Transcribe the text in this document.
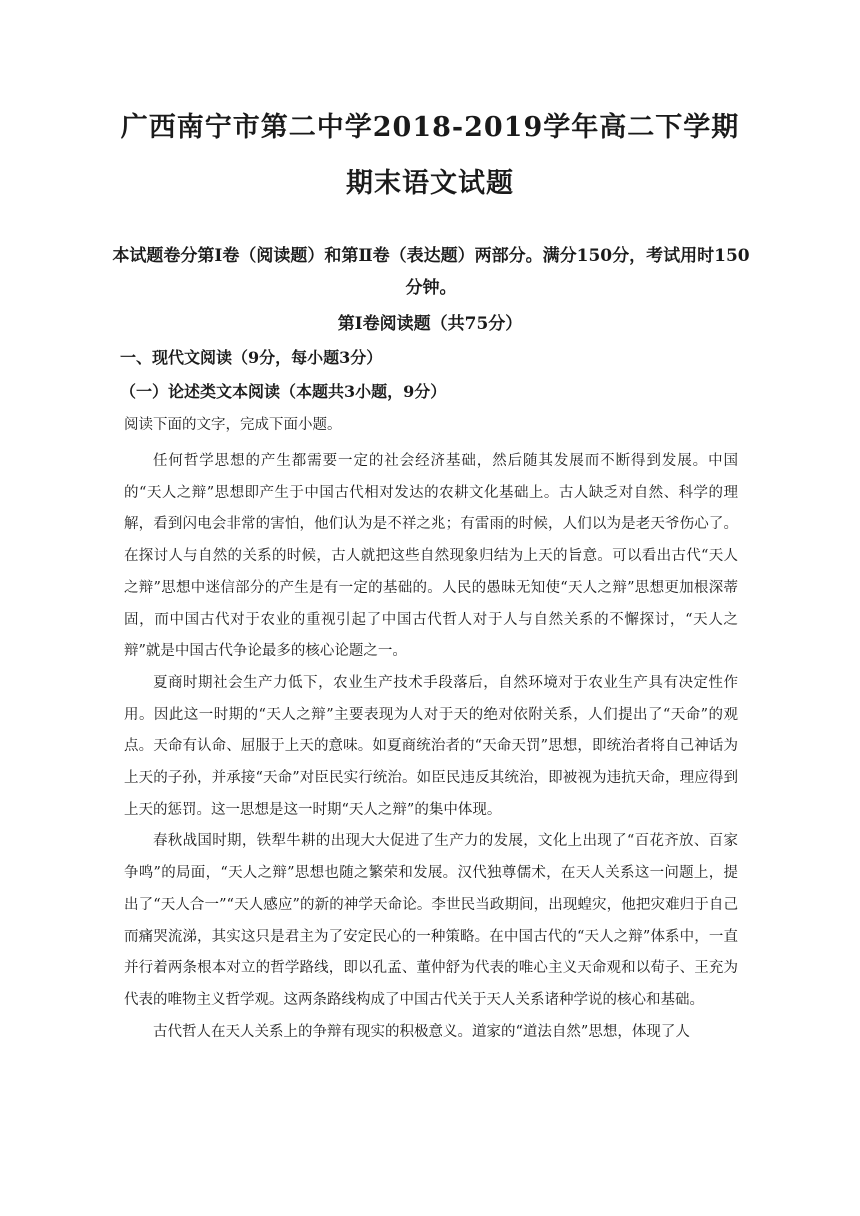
广西南宁市第二中学2018-2019学年高二下学期期末语文试题
本试题卷分第Ⅰ卷（阅读题）和第Ⅱ卷（表达题）两部分。满分150分，考试用时150分钟。
第Ⅰ卷阅读题（共75分）
一、现代文阅读（9分，每小题3分）
（一）论述类文本阅读（本题共3小题，9分）
阅读下面的文字，完成下面小题。

任何哲学思想的产生都需要一定的社会经济基础，然后随其发展而不断得到发展。中国的“天人之辩”思想即产生于中国古代相对发达的农耕文化基础上。古人缺乏对自然、科学的理解，看到闪电会非常的害怕，他们认为是不祥之兆；有雷雨的时候，人们以为是老天爷伤心了。在探讨人与自然的关系的时候，古人就把这些自然现象归结为上天的旨意。可以看出古代“天人之辩”思想中迷信部分的产生是有一定的基础的。人民的愚昧无知使“天人之辩”思想更加根深蒂固，而中国古代对于农业的重视引起了中国古代哲人对于人与自然关系的不懈探讨，“天人之辩”就是中国古代争论最多的核心论题之一。

夏商时期社会生产力低下，农业生产技术手段落后，自然环境对于农业生产具有决定性作用。因此这一时期的“天人之辩”主要表现为人对于天的绝对依附关系，人们提出了“天命”的观点。天命有认命、屈服于上天的意味。如夏商统治者的“天命天罚”思想，即统治者将自己神话为上天的子孙，并承接“天命”对臣民实行统治。如臣民违反其统治，即被视为违抗天命，理应得到上天的惩罚。这一思想是这一时期“天人之辩”的集中体现。

春秋战国时期，铁犁牛耕的出现大大促进了生产力的发展，文化上出现了“百花齐放、百家争鸣”的局面，“天人之辩”思想也随之繁荣和发展。汉代独尊儒术，在天人关系这一问题上，提出了“天人合一”“天人感应”的新的神学天命论。李世民当政期间，出现蝗灾，他把灾难归于自己而痛哭流涕，其实这只是君主为了安定民心的一种策略。在中国古代的“天人之辩”体系中，一直并行着两条根本对立的哲学路线，即以孔孟、董仲舒为代表的唯心主义天命观和以荀子、王充为代表的唯物主义哲学观。这两条路线构成了中国古代关于天人关系诸种学说的核心和基础。

古代哲人在天人关系上的争辩有现实的积极意义。道家的“道法自然”思想，体现了人
